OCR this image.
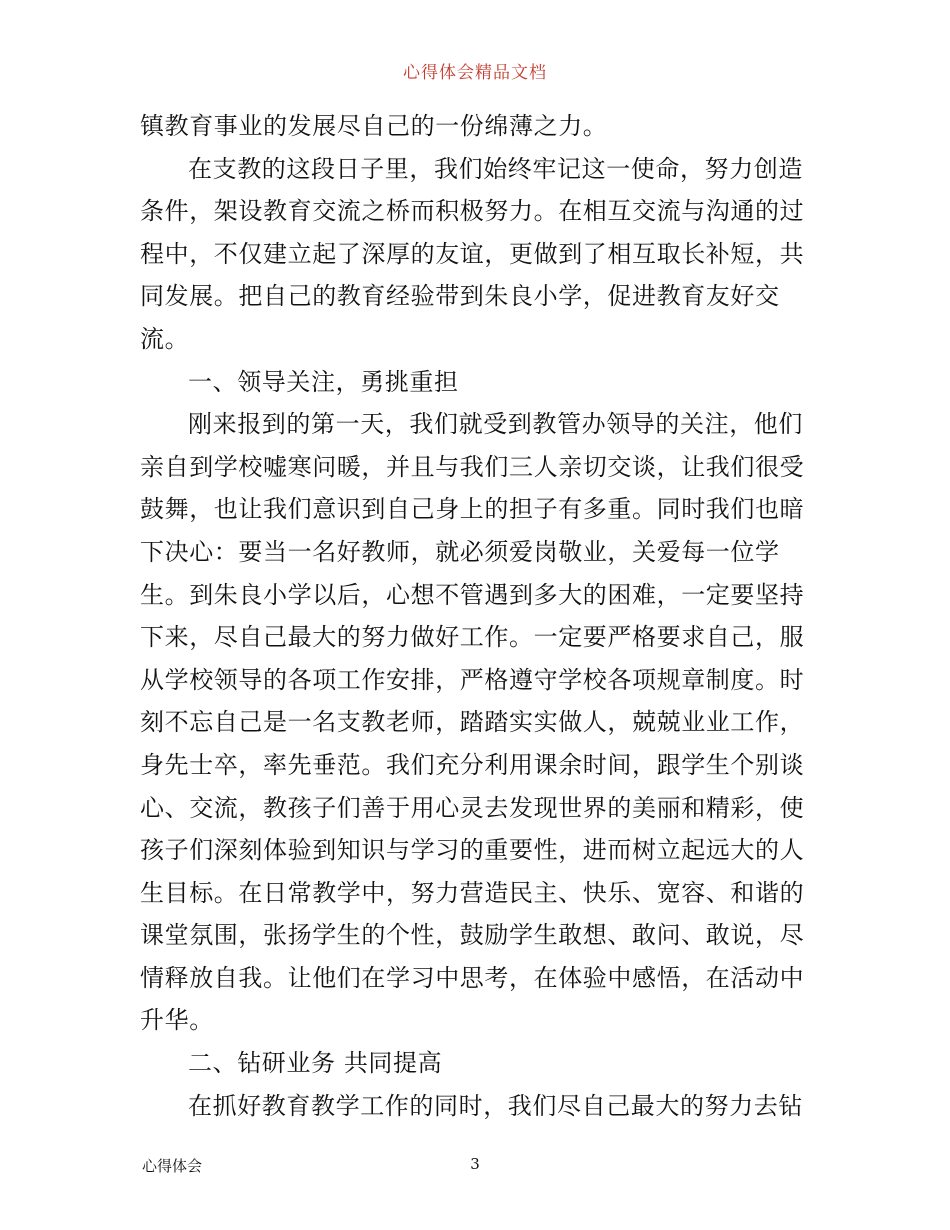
心得体会精品文档

镇教育事业的发展尽自己的一份绵薄之力。

在支教的这段日子里，我们始终牢记这一使命，努力创造条件，架设教育交流之桥而积极努力。在相互交流与沟通的过程中，不仅建立起了深厚的友谊，更做到了相互取长补短，共同发展。把自己的教育经验带到朱良小学，促进教育友好交流。

一、领导关注，勇挑重担

刚来报到的第一天，我们就受到教管办领导的关注，他们亲自到学校嘘寒问暖，并且与我们三人亲切交谈，让我们很受鼓舞，也让我们意识到自己身上的担子有多重。同时我们也暗下决心：要当一名好教师，就必须爱岗敬业，关爱每一位学生。到朱良小学以后，心想不管遇到多大的困难，一定要坚持下来，尽自己最大的努力做好工作。一定要严格要求自己，服从学校领导的各项工作安排，严格遵守学校各项规章制度。时刻不忘自己是一名支教老师，踏踏实实做人，兢兢业业工作，身先士卒，率先垂范。我们充分利用课余时间，跟学生个别谈心、交流，教孩子们善于用心灵去发现世界的美丽和精彩，使孩子们深刻体验到知识与学习的重要性，进而树立起远大的人生目标。在日常教学中，努力营造民主、快乐、宽容、和谐的课堂氛围，张扬学生的个性，鼓励学生敢想、敢问、敢说，尽情释放自我。让他们在学习中思考，在体验中感悟，在活动中升华。

二、钻研业务 共同提高

在抓好教育教学工作的同时，我们尽自己最大的努力去钻

心得体会	3
